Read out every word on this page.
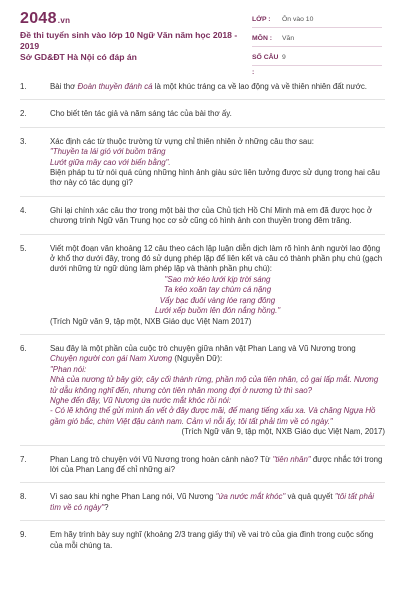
2048.vn
Đề thi tuyển sinh vào lớp 10 Ngữ Văn năm học 2018 - 2019
Sở GD&ĐT Hà Nội có đáp án
LỚP :	Ôn vào 10
MÔN :	Văn
SỐ CÂU :
9
1.	Bài thơ Đoàn thuyền đánh cá là một khúc tráng ca về lao động và về thiên nhiên đất nước.

2.	Cho biết tên tác giả và năm sáng tác của bài thơ ấy.

3.	Xác định các từ thuộc trường từ vựng chỉ thiên nhiên ở những câu thơ sau:

"Thuyền ta lái gió với buồm trăng

Lướt giữa mây cao với biển bằng".

Biện pháp tu từ nói quá cùng những hình ảnh giàu sức liên tưởng được sử dụng trong hai câu thơ này có tác dụng gì?

4.	Ghi lại chính xác câu thơ trong một bài thơ của Chủ tịch Hồ Chí Minh mà em đã được học ở chương trình Ngữ văn Trung học cơ sở cũng có hình ảnh con thuyền trong đêm trăng.

5.	Viết một đoạn văn khoảng 12 câu theo cách lập luận diễn dịch làm rõ hình ảnh người lao động ở khổ thơ dưới đây, trong đó sử dụng phép lặp để liên kết và câu có thành phần phụ chú (gạch dưới những từ ngữ dùng làm phép lặp và thành phần phụ chú):

"Sao mờ kéo lưới kịp trời sáng

Ta kéo xoăn tay chùm cá nặng

Vẩy bạc đuôi vàng lóe rạng đông

Lưới xếp buồm lên đón nắng hồng."

(Trích Ngữ văn 9, tập một, NXB Giáo dục Việt Nam 2017)

6.	Sau đây là một phần của cuộc trò chuyện giữa nhân vật Phan Lang và Vũ Nương trong Chuyện người con gái Nam Xương (Nguyễn Dữ):

"Phan nói:

Nhà của nương tử bây giờ, cây cối thành rừng, phần mộ của tiên nhân, cỏ gai lấp mắt. Nương tử dẫu không nghĩ đến, nhưng còn tiên nhân mong đợi ở nương tử thì sao?

Nghe đến đây, Vũ Nương ứa nước mắt khóc rồi nói:

- Có lẽ không thể gửi mình ẩn vết ở đây được mãi, để mang tiếng xấu xa. Và chăng Ngựa Hồ gầm gió bắc, chim Việt đậu cành nam. Cảm vì nỗi ấy, tôi tất phải tìm về có ngày."

(Trích Ngữ văn 9, tập một, NXB Giáo dục Việt Nam, 2017)

7.	Phan Lang trò chuyện với Vũ Nương trong hoàn cảnh nào? Từ "tiên nhân" được nhắc tới trong lời của Phan Lang để chỉ những ai?

8.	Vì sao sau khi nghe Phan Lang nói, Vũ Nương "ứa nước mắt khóc" và quả quyết "tôi tất phải tìm về có ngày"?

9.	Em hãy trình bày suy nghĩ (khoảng 2/3 trang giấy thi) về vai trò của gia đình trong cuộc sống của mỗi chúng ta.
